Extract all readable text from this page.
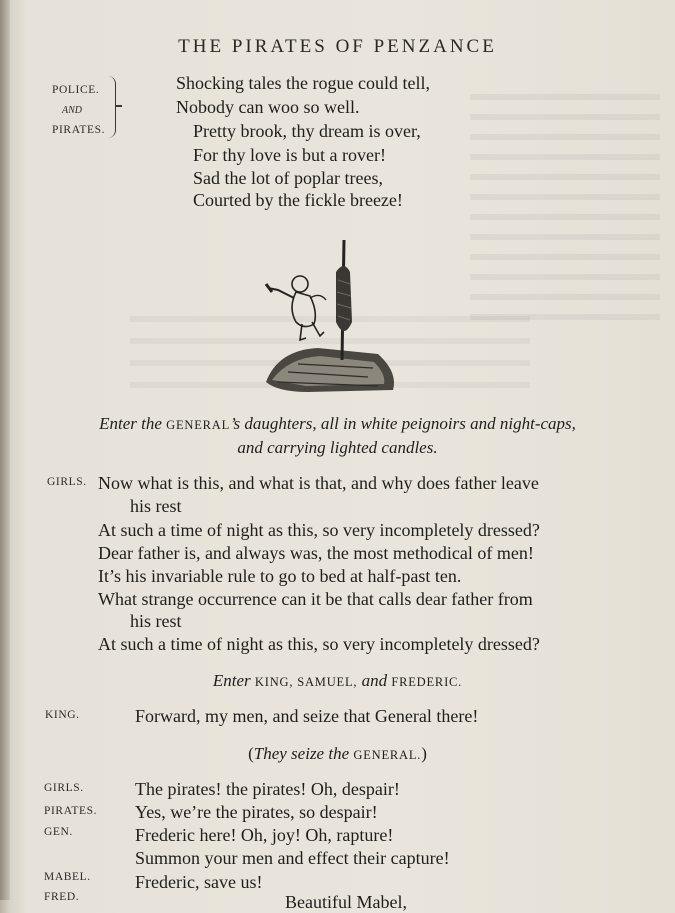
THE PIRATES OF PENZANCE
POLICE.
and
PIRATES.
Shocking tales the rogue could tell,
Nobody can woo so well.
Pretty brook, thy dream is over,
For thy love is but a rover!
Sad the lot of poplar trees,
Courted by the fickle breeze!
Enter the GENERAL’s daughters, all in white peignoirs and night-caps,
and carrying lighted candles.
GIRLS. Now what is this, and what is that, and why does father leave
his rest
At such a time of night as this, so very incompletely dressed?
Dear father is, and always was, the most methodical of men!
It’s his invariable rule to go to bed at half-past ten.
What strange occurrence can it be that calls dear father from
his rest
At such a time of night as this, so very incompletely dressed?
Enter KING, SAMUEL, and FREDERIC.
KING.	Forward, my men, and seize that General there!
(They seize the GENERAL.)
GIRLS.
PIRATES.
GEN.
MABEL.
FRED.
The pirates! the pirates! Oh, despair!
Yes, we’re the pirates, so despair!
Frederic here! Oh, joy! Oh, rapture!
Summon your men and effect their capture!
Frederic, save us!
Beautiful Mabel,
